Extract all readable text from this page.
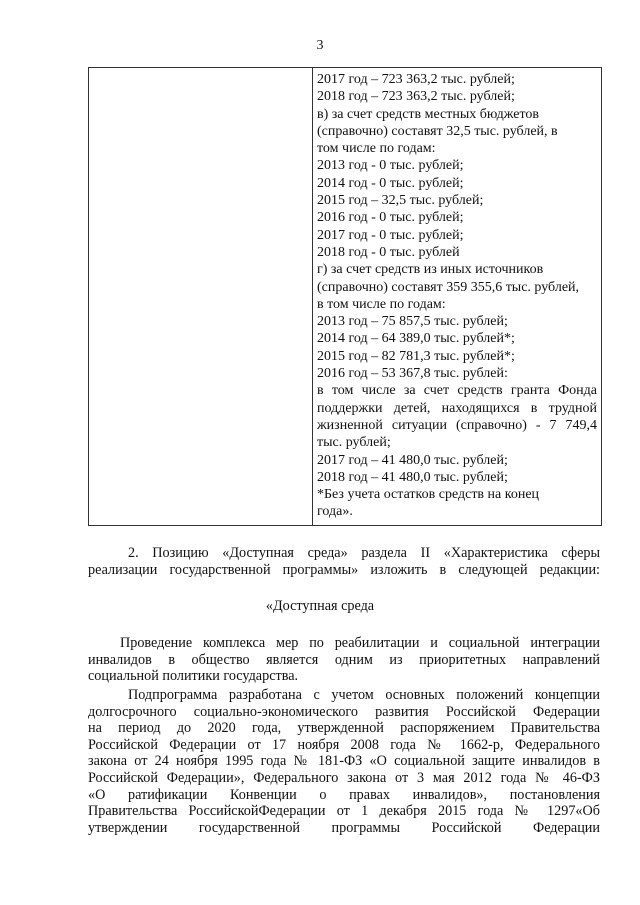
3
2017 год – 723 363,2 тыс. рублей;
2018 год – 723 363,2 тыс. рублей;
в) за счет средств местных бюджетов
(справочно) составят 32,5 тыс. рублей, в
том числе по годам:
2013 год - 0 тыс. рублей;
2014 год - 0 тыс. рублей;
2015 год – 32,5 тыс. рублей;
2016 год - 0 тыс. рублей;
2017 год - 0 тыс. рублей;
2018 год - 0 тыс. рублей
г) за счет средств из иных источников
(справочно) составят 359 355,6 тыс. рублей,
в том числе по годам:
2013 год – 75 857,5 тыс. рублей;
2014 год – 64 389,0 тыс. рублей*;
2015 год – 82 781,3 тыс. рублей*;
2016 год – 53 367,8 тыс. рублей:
в том числе за счет средств гранта Фонда
поддержки детей, находящихся в трудной
жизненной ситуации (справочно) - 7 749,4
тыс. рублей;
2017 год – 41 480,0 тыс. рублей;
2018 год – 41 480,0 тыс. рублей;
*Без учета остатков средств на конец
года».
2. Позицию «Доступная среда» раздела II «Характеристика сферы
реализации государственной программы» изложить в следующей редакции:
«Доступная среда
Проведение комплекса мер по реабилитации и социальной интеграции
инвалидов в общество является одним из приоритетных направлений
социальной политики государства.
Подпрограмма разработана с учетом основных положений концепции
долгосрочного социально-экономического развития Российской Федерации
на период до 2020 года, утвержденной распоряжением Правительства
Российской Федерации от 17 ноября 2008 года № 1662-р, Федерального
закона от 24 ноября 1995 года № 181-ФЗ «О социальной защите инвалидов в
Российской Федерации», Федерального закона от 3 мая 2012 года № 46-ФЗ
«О ратификации Конвенции о правах инвалидов», постановления
Правительства РоссийскойФедерации от 1 декабря 2015 года № 1297«Об
утверждении государственной программы Российской Федерации
